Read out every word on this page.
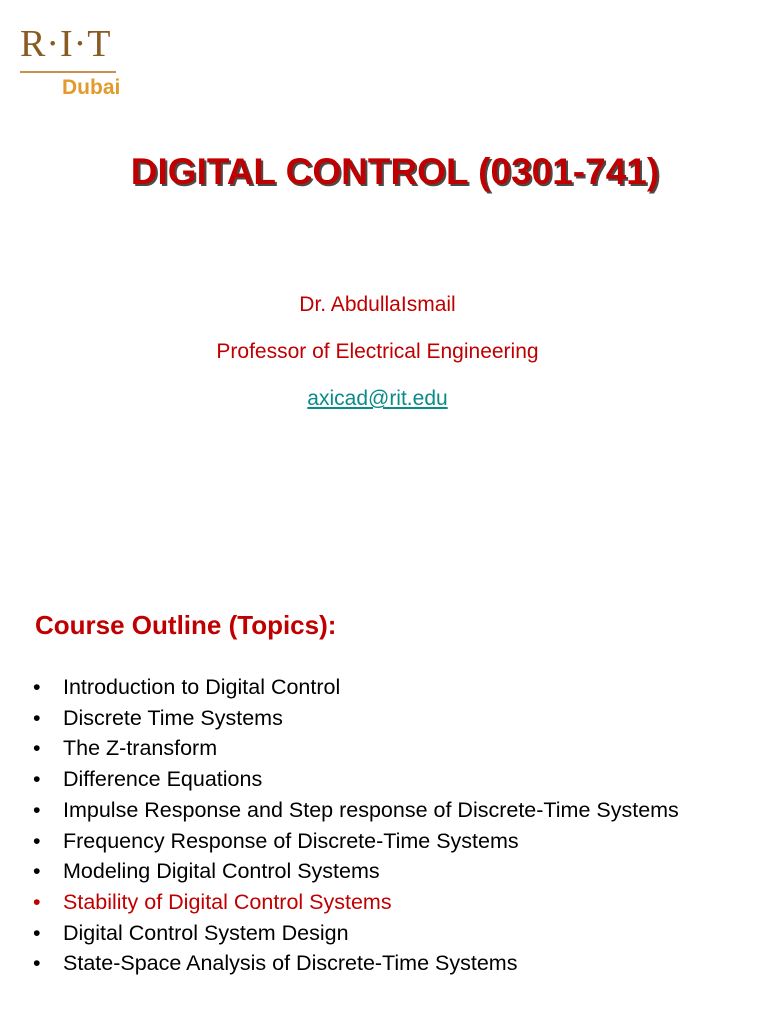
R·I·T
Dubai
DIGITAL CONTROL (0301-741)
Dr. AbdullaIsmail
Professor of Electrical Engineering
axicad@rit.edu
Course Outline (Topics):
• Introduction to Digital Control
• Discrete Time Systems
• The Z-transform
• Difference Equations
• Impulse Response and Step response of Discrete-Time Systems
• Frequency Response of Discrete-Time Systems
• Modeling Digital Control Systems
• Stability of Digital Control Systems
• Digital Control System Design
• State-Space Analysis of Discrete-Time Systems
